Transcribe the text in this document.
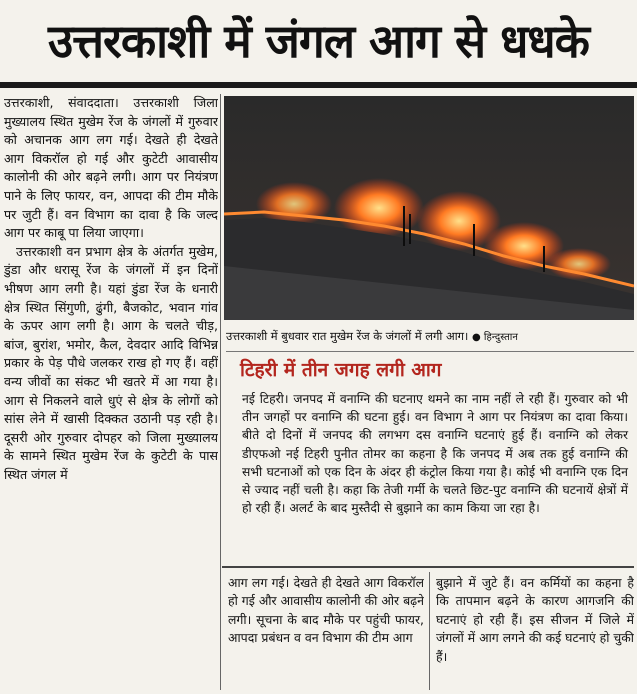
उत्तरकाशी में जंगल आग से धधके

उत्तरकाशी, संवाददाता। उत्तरकाशी जिला मुख्यालय स्थित मुखेम रेंज के जंगलों में गुरुवार को अचानक आग लग गई। देखते ही देखते आग विकरॉल हो गई और कुटेटी आवासीय कालोनी की ओर बढ़ने लगी। आग पर नियंत्रण पाने के लिए फायर, वन, आपदा की टीम मौके पर जुटी हैं। वन विभाग का दावा है कि जल्द आग पर काबू पा लिया जाएगा।

उत्तरकाशी वन प्रभाग क्षेत्र के अंतर्गत मुखेम, डुंडा और धरासू रेंज के जंगलों में इन दिनों भीषण आग लगी है। यहां डुंडा रेंज के धनारी क्षेत्र स्थित सिंगुणी, ढुंगी, बैजकोट, भवान गांव के ऊपर आग लगी है। आग के चलते चीड़, बांज, बुरांश, भमोर, कैल, देवदार आदि विभिन्न प्रकार के पेड़ पौधे जलकर राख हो गए हैं। वहीं वन्य जीवों का संकट भी खतरे में आ गया है। आग से निकलने वाले धुएं से क्षेत्र के लोगों को सांस लेने में खासी दिक्कत उठानी पड़ रही है। दूसरी ओर गुरुवार दोपहर को जिला मुख्यालय के सामने स्थित मुखेम रेंज के कुटेटी के पास स्थित जंगल में

उत्तरकाशी में बुधवार रात मुखेम रेंज के जंगलों में लगी आग। ● हिन्दुस्तान
टिहरी में तीन जगह लगी आग
नई टिहरी। जनपद में वनाग्नि की घटनाए थमने का नाम नहीं ले रही हैं। गुरुवार को भी तीन जगहों पर वनाग्नि की घटना हुई। वन विभाग ने आग पर नियंत्रण का दावा किया। बीते दो दिनों में जनपद की लगभग दस वनाग्नि घटनाएं हुई हैं। वनाग्नि को लेकर डीएफओ नई टिहरी पुनीत तोमर का कहना है कि जनपद में अब तक हुई वनाग्नि की सभी घटनाओं को एक दिन के अंदर ही कंट्रोल किया गया है। कोई भी वनाग्नि एक दिन से ज्याद नहीं चली है। कहा कि तेजी गर्मी के चलते छिट-पुट वनाग्नि की घटनायें क्षेत्रों में हो रही हैं। अलर्ट के बाद मुस्तैदी से बुझाने का काम किया जा रहा है।
आग लग गई। देखते ही देखते आग विकरॉल हो गई और आवासीय कालोनी की ओर बढ़ने लगी। सूचना के बाद मौके पर पहुंची फायर, आपदा प्रबंधन व वन विभाग की टीम आग
बुझाने में जुटे हैं। वन कर्मियों का कहना है कि तापमान बढ़ने के कारण आगजनि की घटनाएं हो रही हैं। इस सीजन में जिले में जंगलों में आग लगने की कई घटनाएं हो चुकी हैं।
